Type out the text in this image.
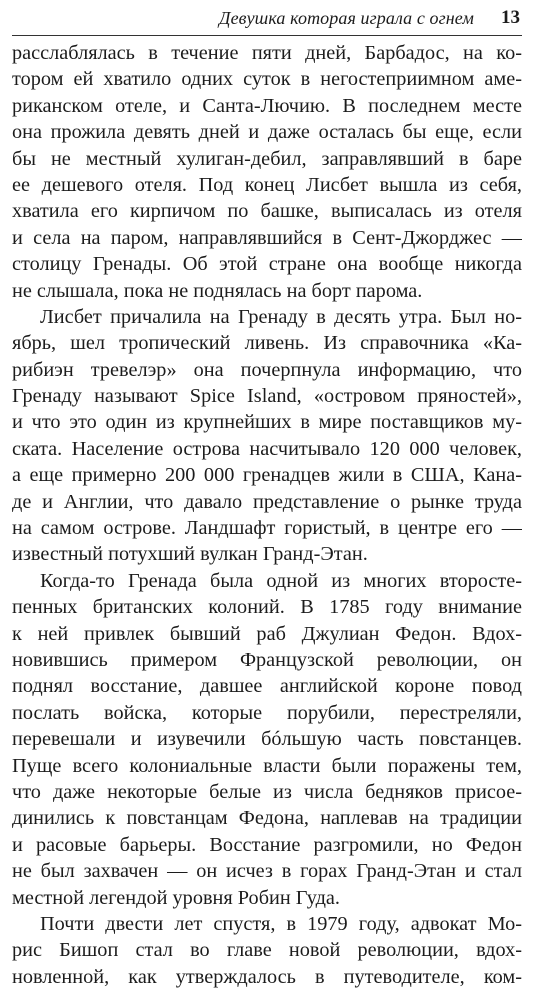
Девушка которая играла с огнем 13
расслаблялась в течение пяти дней, Барбадос, на ко-
тором ей хватило одних суток в негостеприимном аме-
риканском отеле, и Санта-Лючию. В последнем месте
она прожила девять дней и даже осталась бы еще, если
бы не местный хулиган-дебил, заправлявший в баре
ее дешевого отеля. Под конец Лисбет вышла из себя,
хватила его кирпичом по башке, выписалась из отеля
и села на паром, направлявшийся в Сент-Джорджес —
столицу Гренады. Об этой стране она вообще никогда
не слышала, пока не поднялась на борт парома.
Лисбет причалила на Гренаду в десять утра. Был но-
ябрь, шел тропический ливень. Из справочника «Ка-
рибиэн тревелэр» она почерпнула информацию, что
Гренаду называют Spice Island, «островом пряностей»,
и что это один из крупнейших в мире поставщиков му-
ската. Население острова насчитывало 120 000 человек,
а еще примерно 200 000 гренадцев жили в США, Кана-
де и Англии, что давало представление о рынке труда
на самом острове. Ландшафт гористый, в центре его —
известный потухший вулкан Гранд-Этан.
Когда-то Гренада была одной из многих второсте-
пенных британских колоний. В 1785 году внимание
к ней привлек бывший раб Джулиан Федон. Вдох-
новившись примером Французской революции, он
поднял восстание, давшее английской короне повод
послать войска, которые порубили, перестреляли,
перевешали и изувечили бóльшую часть повстанцев.
Пуще всего колониальные власти были поражены тем,
что даже некоторые белые из числа бедняков присое-
динились к повстанцам Федона, наплевав на традиции
и расовые барьеры. Восстание разгромили, но Федон
не был захвачен — он исчез в горах Гранд-Этан и стал
местной легендой уровня Робин Гуда.
Почти двести лет спустя, в 1979 году, адвокат Мо-
рис Бишоп стал во главе новой революции, вдох-
новленной, как утверждалось в путеводителе, ком-
